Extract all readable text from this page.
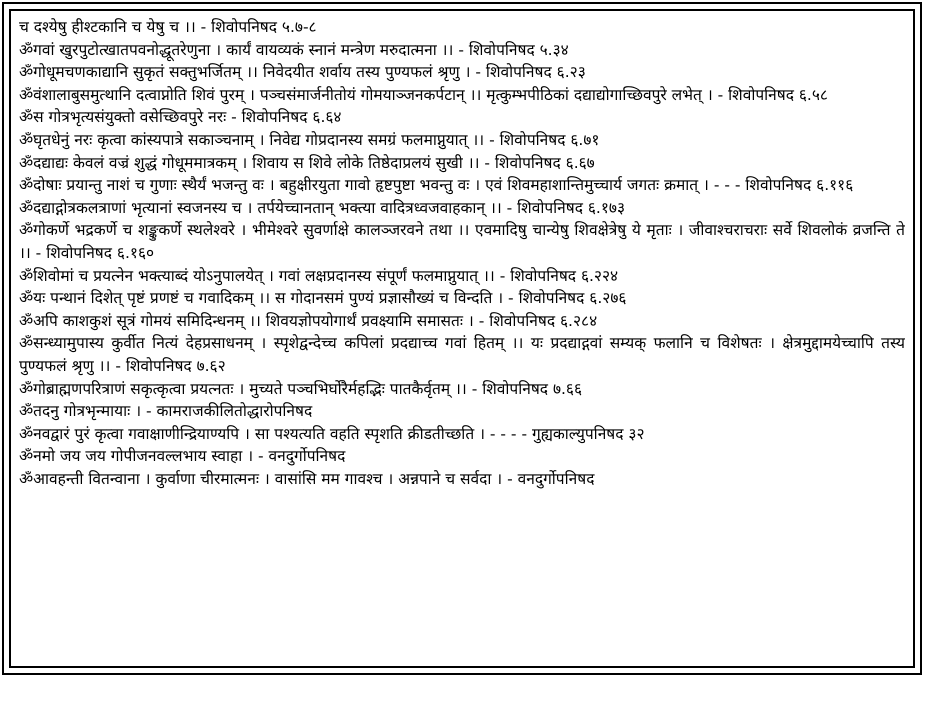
च दश्येषु हीश्टकानि च येषु च ।। - शिवोपनिषद ५.७-८

ॐगवां खुरपुटोत्खातपवनोद्धूतरेणुना । कार्यं वायव्यकं स्नानं मन्त्रेण मरुदात्मना ।। - शिवोपनिषद ५.३४

ॐगोधूमचणकाद्यानि सुकृतं सक्तुभर्जितम् ।। निवेदयीत शर्वाय तस्य पुण्यफलं श्रृणु । - शिवोपनिषद ६.२३

ॐवंशालाबुसमुत्थानि दत्वाप्नोति शिवं पुरम् । पञ्चसंमार्जनीतोयं गोमयाञ्जनकर्पटान् ।। मृत्कुम्भपीठिकां दद्याद्योगाच्छिवपुरे लभेत् । - शिवोपनिषद ६.५८

ॐस गोत्रभृत्यसंयुक्तो वसेच्छिवपुरे नरः - शिवोपनिषद ६.६४

ॐघृतधेनुं नरः कृत्वा कांस्यपात्रे सकाञ्चनाम् । निवेद्य गोप्रदानस्य समग्रं फलमाप्नुयात् ।। - शिवोपनिषद ६.७१

ॐदद्याद्यः केवलं वज्रं शुद्धं गोधूममात्रकम् । शिवाय स शिवे लोके तिष्ठेदाप्रलयं सुखी ।। - शिवोपनिषद ६.६७

ॐदोषाः प्रयान्तु नाशं च गुणाः स्थैर्यं भजन्तु वः । बहुक्षीरयुता गावो हृष्टपुष्टा भवन्तु वः । एवं शिवमहाशान्तिमुच्चार्य जगतः क्रमात् । - - - शिवोपनिषद ६.११६

ॐदद्याद्गोत्रकलत्राणां भृत्यानां स्वजनस्य च । तर्पयेच्चानतान् भक्त्या वादित्रध्वजवाहकान् ।। - शिवोपनिषद ६.१७३

ॐगोकर्णे भद्रकर्णे च शङ्कुकर्णे स्थलेश्वरे । भीमेश्वरे सुवर्णाक्षे कालञ्जरवने तथा ।। एवमादिषु चान्येषु शिवक्षेत्रेषु ये मृताः । जीवाश्चराचराः सर्वे शिवलोकं व्रजन्ति ते ।। - शिवोपनिषद ६.१६०

ॐशिवोमां च प्रयत्नेन भक्त्याब्दं योऽनुपालयेत् । गवां लक्षप्रदानस्य संपूर्णं फलमाप्नुयात् ।। - शिवोपनिषद ६.२२४

ॐयः पन्थानं दिशेत् पृष्टं प्रणष्टं च गवादिकम् ।। स गोदानसमं पुण्यं प्रज्ञासौख्यं च विन्दति । - शिवोपनिषद ६.२७६

ॐअपि काशकुशं सूत्रं गोमयं समिदिन्धनम् ।। शिवयज्ञोपयोगार्थं प्रवक्ष्यामि समासतः । - शिवोपनिषद ६.२८४

ॐसन्ध्यामुपास्य कुर्वीत नित्यं देहप्रसाधनम् । स्पृशेद्वन्देच्च कपिलां प्रदद्याच्च गवां हितम् ।। यः प्रदद्याद्गवां सम्यक् फलानि च विशेषतः । क्षेत्रमुद्दामयेच्चापि तस्य पुण्यफलं श्रृणु ।। - शिवोपनिषद ७.६२

ॐगोब्राह्मणपरित्राणं सकृत्कृत्वा प्रयत्नतः । मुच्यते पञ्चभिर्घोरैर्महद्भिः पातकैर्वृतम् ।। - शिवोपनिषद ७.६६

ॐतदनु गोत्रभृन्मायाः । - कामराजकीलितोद्धारोपनिषद

ॐनवद्वारं पुरं कृत्वा गवाक्षाणीन्द्रियाण्यपि । सा पश्यत्यति वहति स्पृशति क्रीडतीच्छति । - - - - गुह्यकाल्युपनिषद ३२

ॐनमो जय जय गोपीजनवल्लभाय स्वाहा । - वनदुर्गोपनिषद

ॐआवहन्ती वितन्वाना । कुर्वाणा चीरमात्मनः । वासांसि मम गावश्च । अन्नपाने च सर्वदा । - वनदुर्गोपनिषद
